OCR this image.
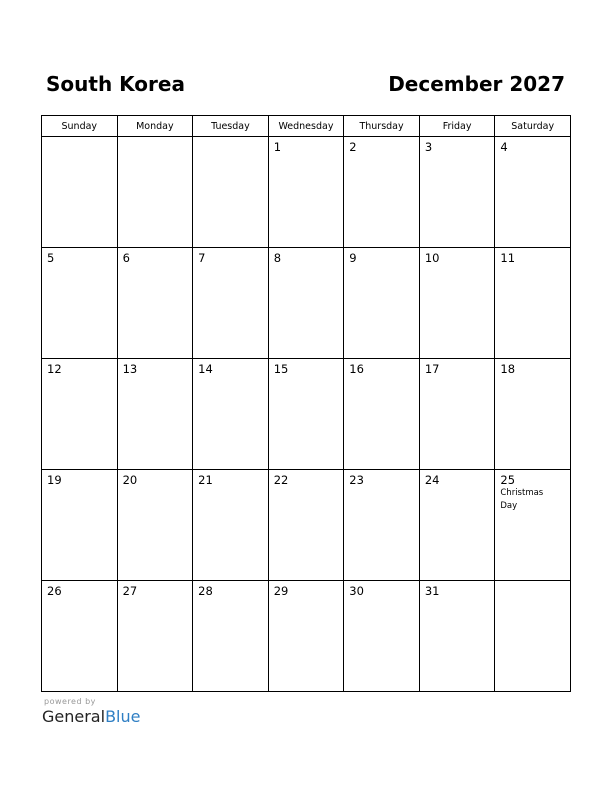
South Korea	December 2027
Sunday	Monday	Tuesday	Wednesday	Thursday	Friday	Saturday

			1	2	3	4

5	6	7	8	9	10	11

12	13	14	15	16	17	18

19	20	21	22	23	24	25
Christmas Day

26	27	28	29	30	31	

powered by
GeneralBlue
